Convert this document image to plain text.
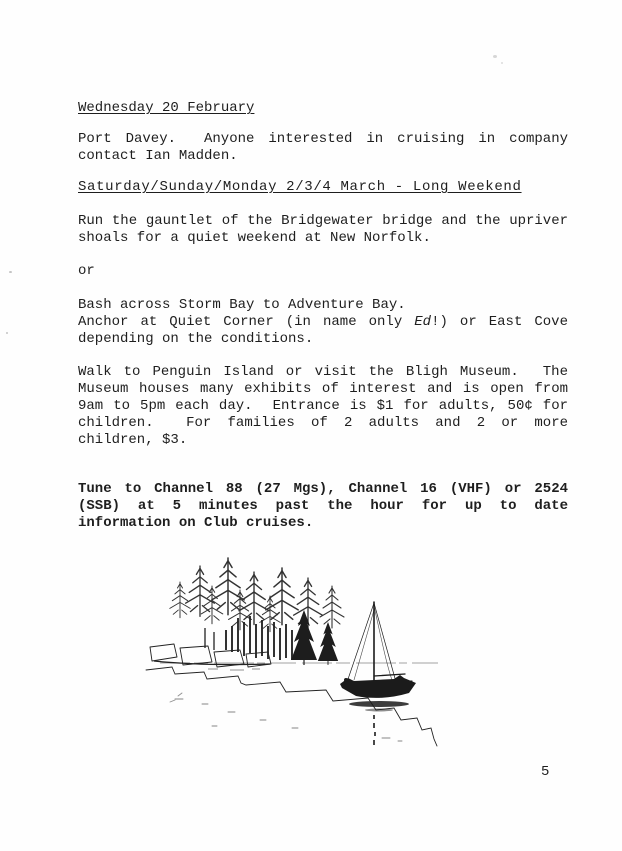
Wednesday 20 February
Port Davey.  Anyone interested in cruising in company
contact Ian Madden.
Saturday/Sunday/Monday 2/3/4 March - Long Weekend
Run the gauntlet of the Bridgewater bridge and the upriver
shoals for a quiet weekend at New Norfolk.
or
Bash across Storm Bay to Adventure Bay.
Anchor at Quiet Corner (in name only Ed!) or East Cove
depending on the conditions.
Walk to Penguin Island or visit the Bligh Museum.  The
Museum houses many exhibits of interest and is open from
9am to 5pm each day.  Entrance is $1 for adults, 50¢ for
children.  For families of 2 adults and 2 or more
children, $3.
Tune to Channel 88 (27 Mgs), Channel 16 (VHF) or 2524
(SSB) at 5 minutes past the hour for up to date
information on Club cruises.
5
